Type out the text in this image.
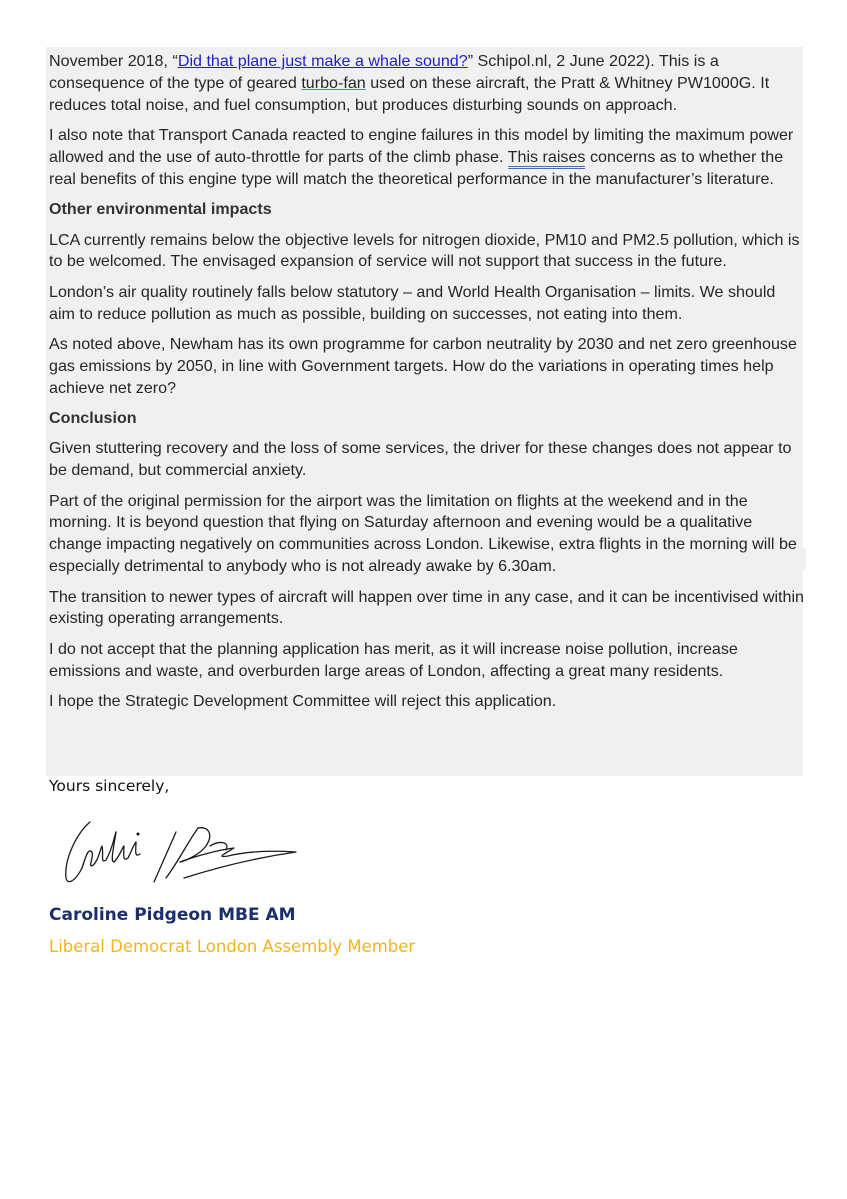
November 2018, “Did that plane just make a whale sound?” Schipol.nl, 2 June 2022). This is a consequence of the type of geared turbo-fan used on these aircraft, the Pratt & Whitney PW1000G. It reduces total noise, and fuel consumption, but produces disturbing sounds on approach.

I also note that Transport Canada reacted to engine failures in this model by limiting the maximum power allowed and the use of auto-throttle for parts of the climb phase. This raises concerns as to whether the real benefits of this engine type will match the theoretical performance in the manufacturer’s literature.

Other environmental impacts

LCA currently remains below the objective levels for nitrogen dioxide, PM10 and PM2.5 pollution, which is to be welcomed. The envisaged expansion of service will not support that success in the future.

London’s air quality routinely falls below statutory – and World Health Organisation – limits. We should aim to reduce pollution as much as possible, building on successes, not eating into them.

As noted above, Newham has its own programme for carbon neutrality by 2030 and net zero greenhouse gas emissions by 2050, in line with Government targets. How do the variations in operating times help achieve net zero?

Conclusion

Given stuttering recovery and the loss of some services, the driver for these changes does not appear to be demand, but commercial anxiety.

Part of the original permission for the airport was the limitation on flights at the weekend and in the morning. It is beyond question that flying on Saturday afternoon and evening would be a qualitative change impacting negatively on communities across London. Likewise, extra flights in the morning will be especially detrimental to anybody who is not already awake by 6.30am.

The transition to newer types of aircraft will happen over time in any case, and it can be incentivised within existing operating arrangements.

I do not accept that the planning application has merit, as it will increase noise pollution, increase emissions and waste, and overburden large areas of London, affecting a great many residents.

I hope the Strategic Development Committee will reject this application.

Yours sincerely,
Caroline Pidgeon MBE AM
Liberal Democrat London Assembly Member
